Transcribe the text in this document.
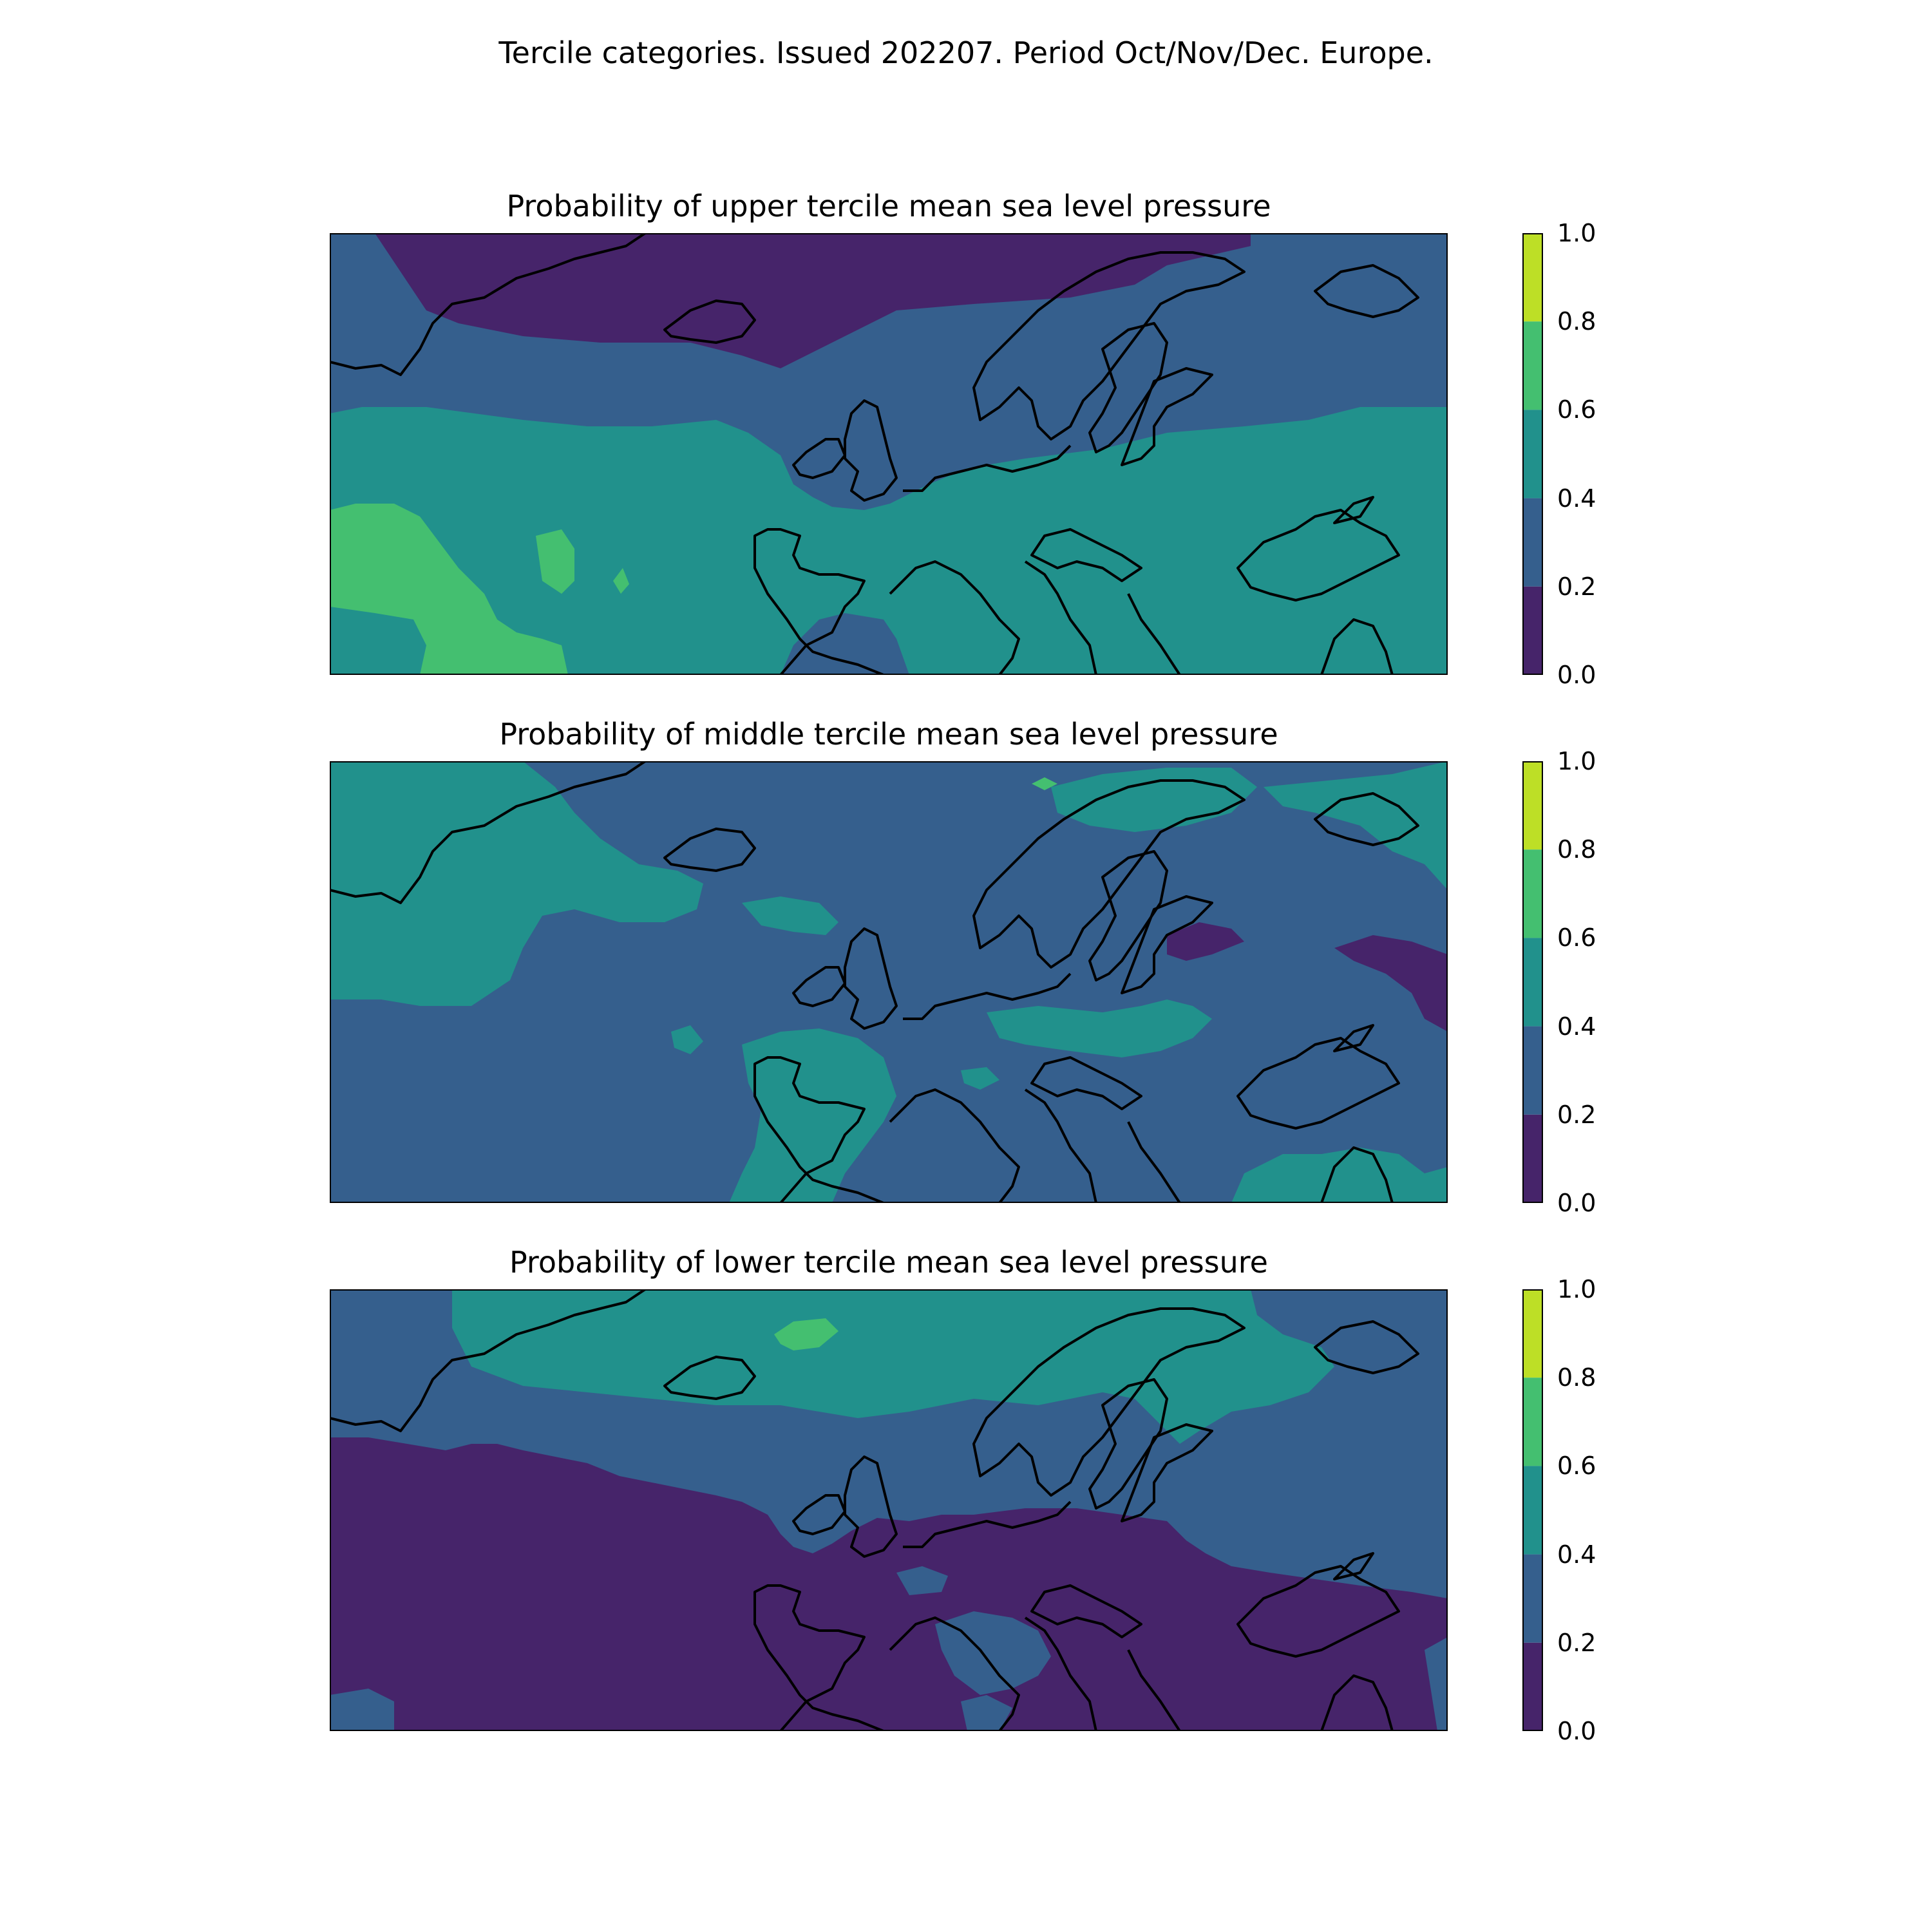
Tercile categories. Issued 202207. Period Oct/Nov/Dec. Europe.
Probability of upper tercile mean sea level pressure
0.0
0.2
0.4
0.6
0.8
1.0
Probability of middle tercile mean sea level pressure
0.0
0.2
0.4
0.6
0.8
1.0
Probability of lower tercile mean sea level pressure
0.0
0.2
0.4
0.6
0.8
1.0
